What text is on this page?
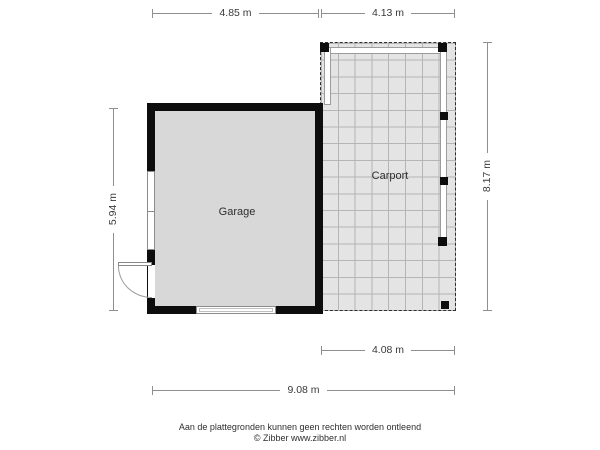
4.85 m	4.13 m
5.94 m
8.17 m
4.08 m
9.08 m
Garage
Carport
Aan de plattegronden kunnen geen rechten worden ontleend
© Zibber www.zibber.nl
